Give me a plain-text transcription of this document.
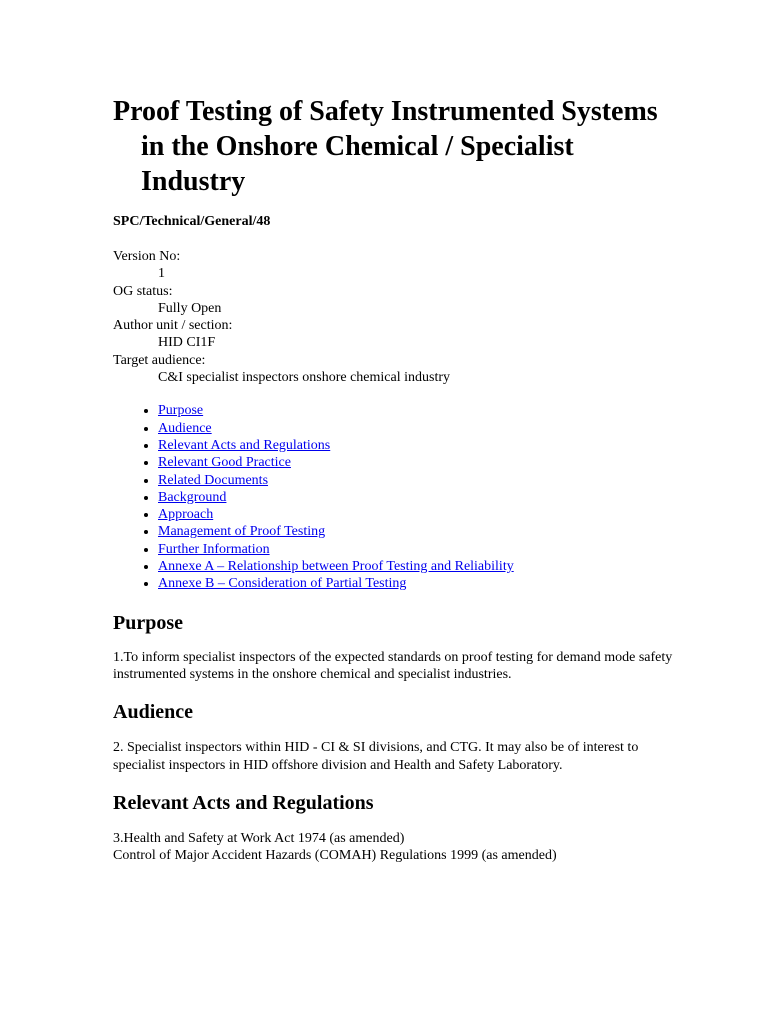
Proof Testing of Safety Instrumented Systems in the Onshore Chemical / Specialist Industry
SPC/Technical/General/48
Version No:
1
OG status:
Fully Open
Author unit / section:
HID CI1F
Target audience:
C&I specialist inspectors onshore chemical industry
• Purpose
• Audience
• Relevant Acts and Regulations
• Relevant Good Practice
• Related Documents
• Background
• Approach
• Management of Proof Testing
• Further Information
• Annexe A – Relationship between Proof Testing and Reliability
• Annexe B – Consideration of Partial Testing
Purpose

1.To inform specialist inspectors of the expected standards on proof testing for demand mode safety instrumented systems in the onshore chemical and specialist industries.

Audience

2. Specialist inspectors within HID - CI & SI divisions, and CTG. It may also be of interest to specialist inspectors in HID offshore division and Health and Safety Laboratory.

Relevant Acts and Regulations

3.Health and Safety at Work Act 1974 (as amended)
Control of Major Accident Hazards (COMAH) Regulations 1999 (as amended)
